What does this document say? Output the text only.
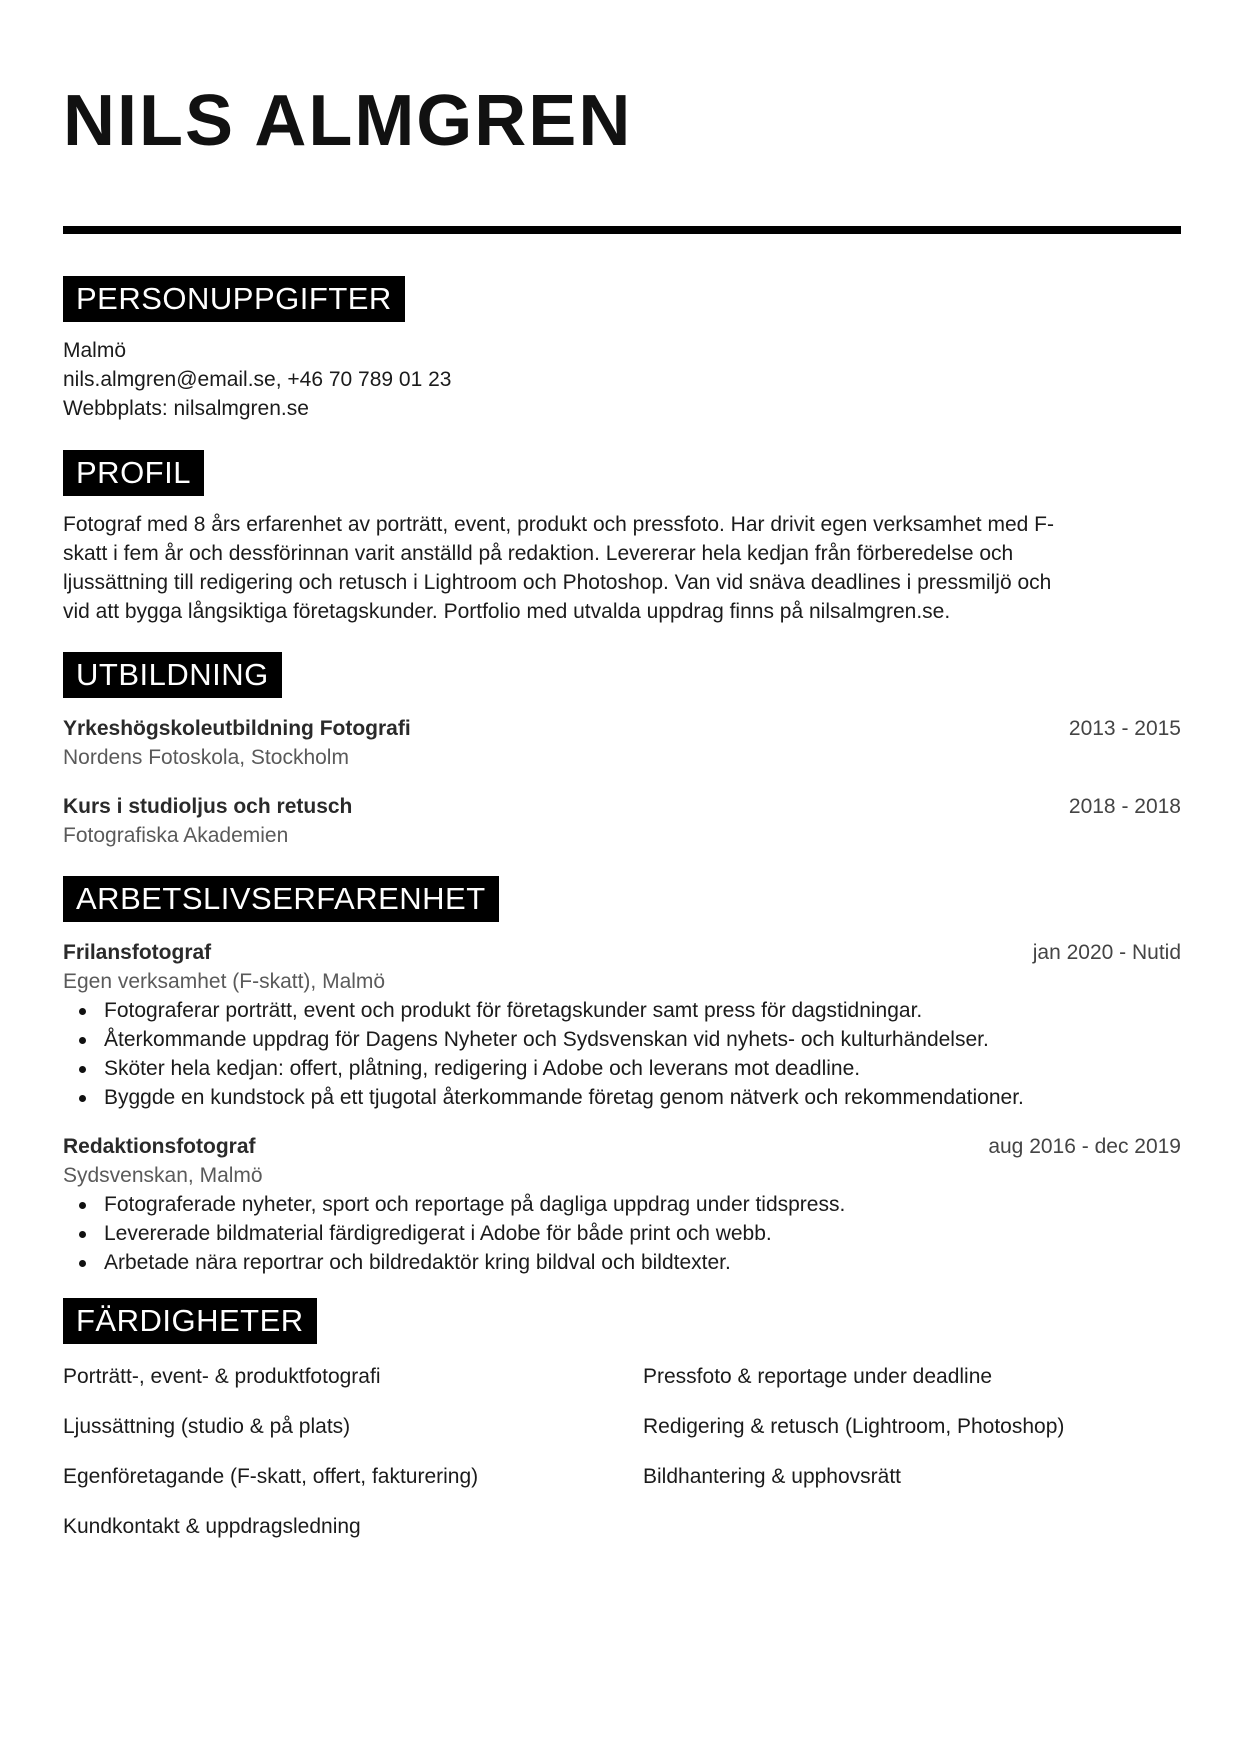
NILS ALMGREN
PERSONUPPGIFTER
Malmö
nils.almgren@email.se, +46 70 789 01 23
Webbplats: nilsalmgren.se
PROFIL
Fotograf med 8 års erfarenhet av porträtt, event, produkt och pressfoto. Har drivit egen verksamhet med F-
skatt i fem år och dessförinnan varit anställd på redaktion. Levererar hela kedjan från förberedelse och
ljussättning till redigering och retusch i Lightroom och Photoshop. Van vid snäva deadlines i pressmiljö och
vid att bygga långsiktiga företagskunder. Portfolio med utvalda uppdrag finns på nilsalmgren.se.
UTBILDNING
Yrkeshögskoleutbildning Fotografi	2013 - 2015
Nordens Fotoskola, Stockholm
Kurs i studioljus och retusch	2018 - 2018
Fotografiska Akademien
ARBETSLIVSERFARENHET
Frilansfotograf	jan 2020 - Nutid
Egen verksamhet (F-skatt), Malmö
Fotograferar porträtt, event och produkt för företagskunder samt press för dagstidningar.
Återkommande uppdrag för Dagens Nyheter och Sydsvenskan vid nyhets- och kulturhändelser.
Sköter hela kedjan: offert, plåtning, redigering i Adobe och leverans mot deadline.
Byggde en kundstock på ett tjugotal återkommande företag genom nätverk och rekommendationer.
Redaktionsfotograf	aug 2016 - dec 2019
Sydsvenskan, Malmö
Fotograferade nyheter, sport och reportage på dagliga uppdrag under tidspress.
Levererade bildmaterial färdigredigerat i Adobe för både print och webb.
Arbetade nära reportrar och bildredaktör kring bildval och bildtexter.
FÄRDIGHETER
Porträtt-, event- & produktfotografi	Pressfoto & reportage under deadline
Ljussättning (studio & på plats)	Redigering & retusch (Lightroom, Photoshop)
Egenföretagande (F-skatt, offert, fakturering)	Bildhantering & upphovsrätt
Kundkontakt & uppdragsledning
